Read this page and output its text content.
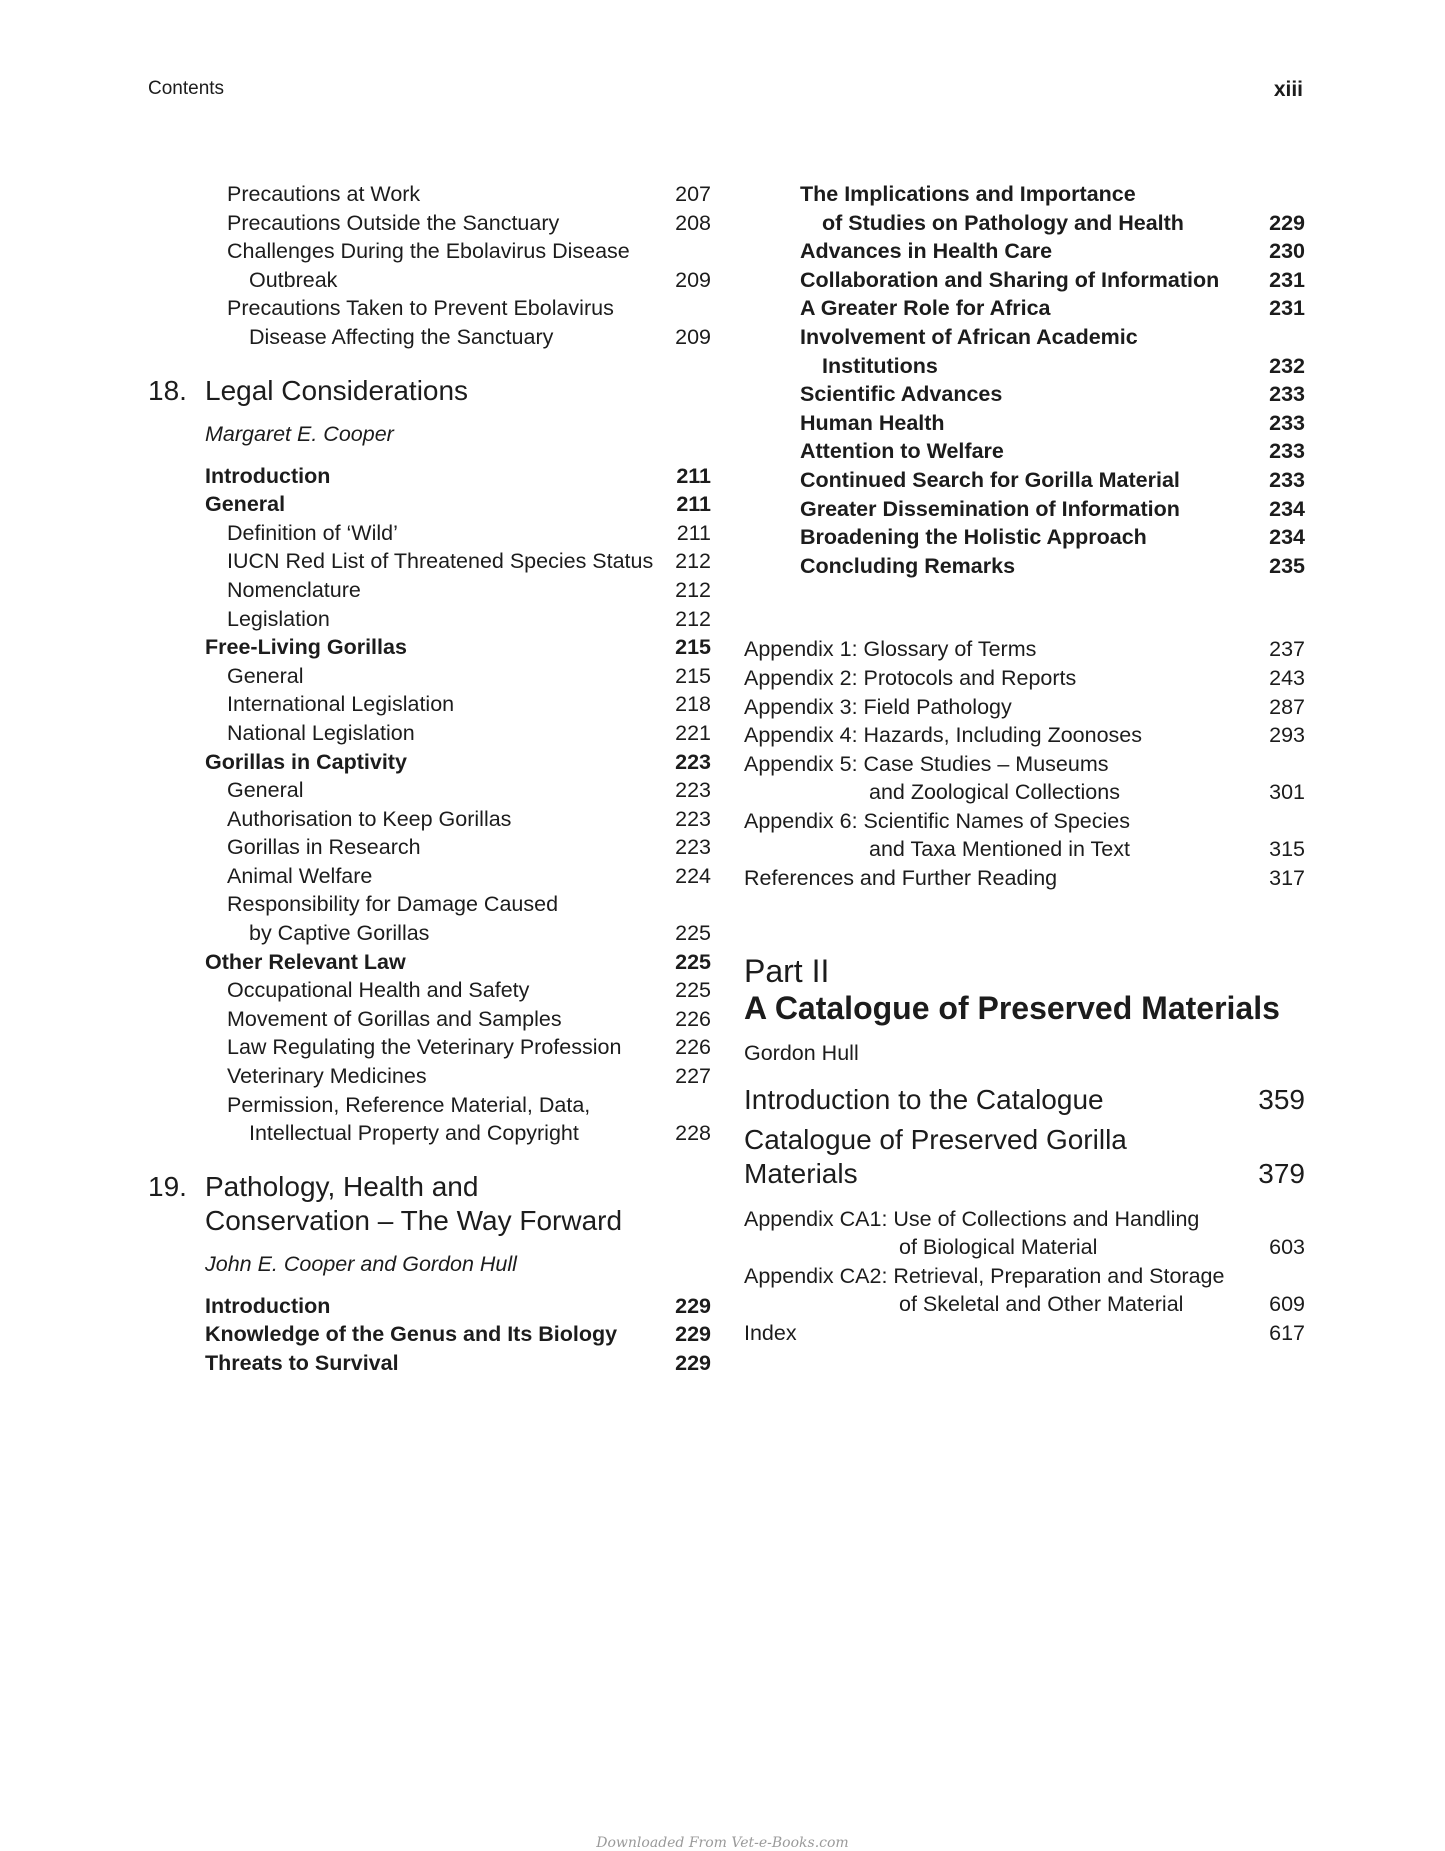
Contents	xiii
Precautions at Work	207
Precautions Outside the Sanctuary	208
Challenges During the Ebolavirus Disease
Outbreak	209
Precautions Taken to Prevent Ebolavirus
Disease Affecting the Sanctuary	209
18. Legal Considerations
Margaret E. Cooper
Introduction	211
General	211
Definition of ‘Wild’	211
IUCN Red List of Threatened Species Status 212
Nomenclature	212
Legislation	212
Free-Living Gorillas	215
General	215
International Legislation	218
National Legislation	221
Gorillas in Captivity	223
General	223
Authorisation to Keep Gorillas	223
Gorillas in Research	223
Animal Welfare	224
Responsibility for Damage Caused
by Captive Gorillas	225
Other Relevant Law	225
Occupational Health and Safety	225
Movement of Gorillas and Samples	226
Law Regulating the Veterinary Profession 226
Veterinary Medicines	227
Permission, Reference Material, Data,
Intellectual Property and Copyright	228
19. Pathology, Health and
Conservation – The Way Forward
John E. Cooper and Gordon Hull
Introduction	229
Knowledge of the Genus and Its Biology	229
Threats to Survival	229
The Implications and Importance
of Studies on Pathology and Health	229
Advances in Health Care	230
Collaboration and Sharing of Information 231
A Greater Role for Africa	231
Involvement of African Academic
Institutions	232
Scientific Advances	233
Human Health	233
Attention to Welfare	233
Continued Search for Gorilla Material	233
Greater Dissemination of Information	234
Broadening the Holistic Approach	234
Concluding Remarks	235
Appendix 1: Glossary of Terms	237
Appendix 2: Protocols and Reports	243
Appendix 3: Field Pathology	287
Appendix 4: Hazards, Including Zoonoses	293
Appendix 5: Case Studies – Museums
and Zoological Collections	301
Appendix 6: Scientific Names of Species
and Taxa Mentioned in Text	315
References and Further Reading	317
Part II
A Catalogue of Preserved Materials
Gordon Hull
Introduction to the Catalogue	359
Catalogue of Preserved Gorilla
Materials	379
Appendix CA1: Use of Collections and Handling
of Biological Material	603
Appendix CA2: Retrieval, Preparation and Storage
of Skeletal and Other Material	609
Index	617
Downloaded From Vet-e-Books.com
